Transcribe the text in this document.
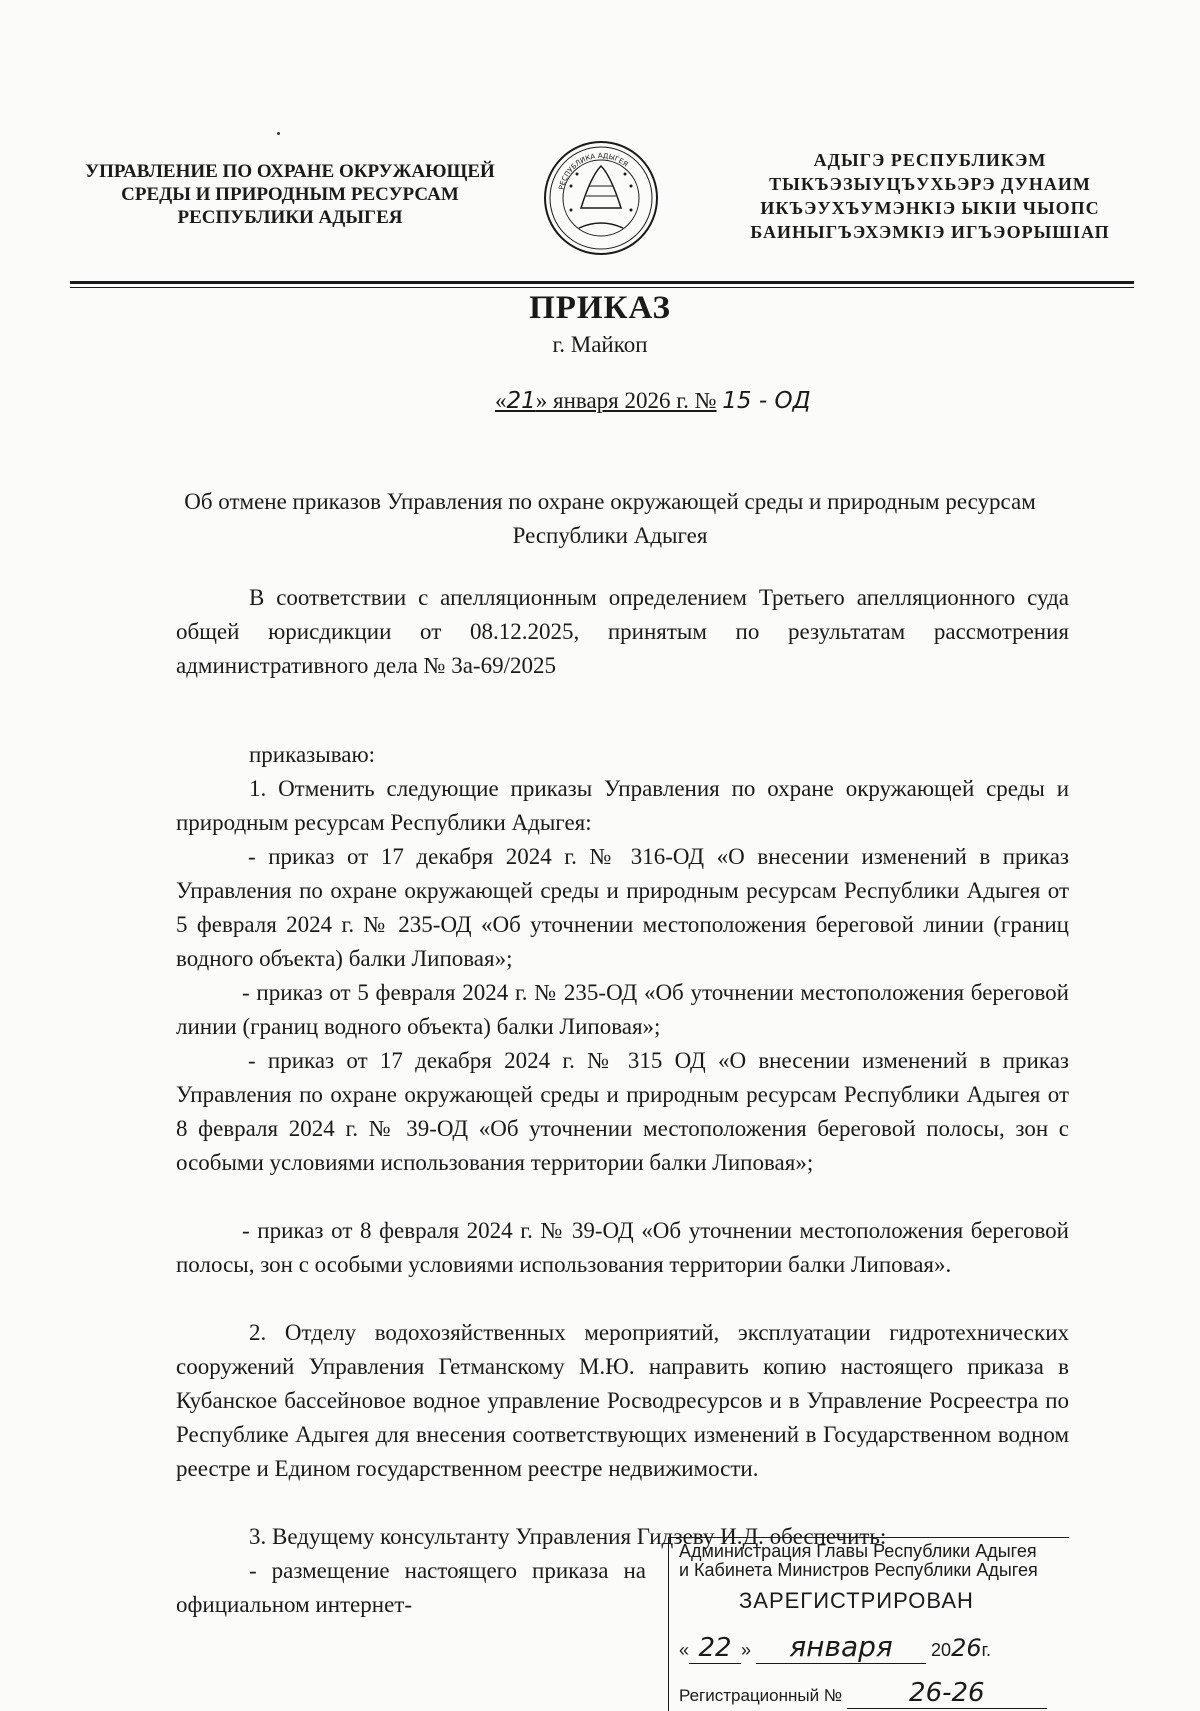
УПРАВЛЕНИЕ ПО ОХРАНЕ ОКРУЖАЮЩЕЙ
СРЕДЫ И ПРИРОДНЫМ РЕСУРСАМ
РЕСПУБЛИКИ АДЫГЕЯ
РЕСПУБЛИКА АДЫГЕЯ	АДЫГЭ РЕСПУБЛИКЭМ
ТЫКЪЭЗЫУЦЪУХЬЭРЭ ДУНАИМ
ИКЪЭУХЪУМЭНКІЭ ЫКІИ ЧЫОПС
БАИНЫГЪЭХЭМКІЭ ИГЪЭОРЫШІАП
ПРИКАЗ
г. Майкоп
«21» января 2026 г. № 15 - ОД
Об отмене приказов Управления по охране окружающей среды и природным ресурсам Республики Адыгея

В соответствии с апелляционным определением Третьего апелляционного суда общей юрисдикции от 08.12.2025, принятым по результатам рассмотрения административного дела № 3а-69/2025

приказываю:

1. Отменить следующие приказы Управления по охране окружающей среды и природным ресурсам Республики Адыгея:

- приказ от 17 декабря 2024 г. № 316-ОД «О внесении изменений в приказ Управления по охране окружающей среды и природным ресурсам Республики Адыгея от 5 февраля 2024 г. № 235-ОД «Об уточнении местоположения береговой линии (границ водного объекта) балки Липовая»;

- приказ от 5 февраля 2024 г. № 235-ОД «Об уточнении местоположения береговой линии (границ водного объекта) балки Липовая»;

- приказ от 17 декабря 2024 г. № 315 ОД «О внесении изменений в приказ Управления по охране окружающей среды и природным ресурсам Республики Адыгея от 8 февраля 2024 г. № 39-ОД «Об уточнении местоположения береговой полосы, зон с особыми условиями использования территории балки Липовая»;

- приказ от 8 февраля 2024 г. № 39-ОД «Об уточнении местоположения береговой полосы, зон с особыми условиями использования территории балки Липовая».

2. Отделу водохозяйственных мероприятий, эксплуатации гидротехнических сооружений Управления Гетманскому М.Ю. направить копию настоящего приказа в Кубанское бассейновое водное управление Росводресурсов и в Управление Росреестра по Республике Адыгея для внесения соответствующих изменений в Государственном водном реестре и Едином государственном реестре недвижимости.

3. Ведущему консультанту Управления Гидзеву И.Д. обеспечить:

- размещение настоящего приказа на официальном интернет-

Администрация Главы Республики Адыгея
и Кабинета Министров Республики Адыгея
ЗАРЕГИСТРИРОВАН
« 22 » января 2026г.
Регистрационный №	26-26
